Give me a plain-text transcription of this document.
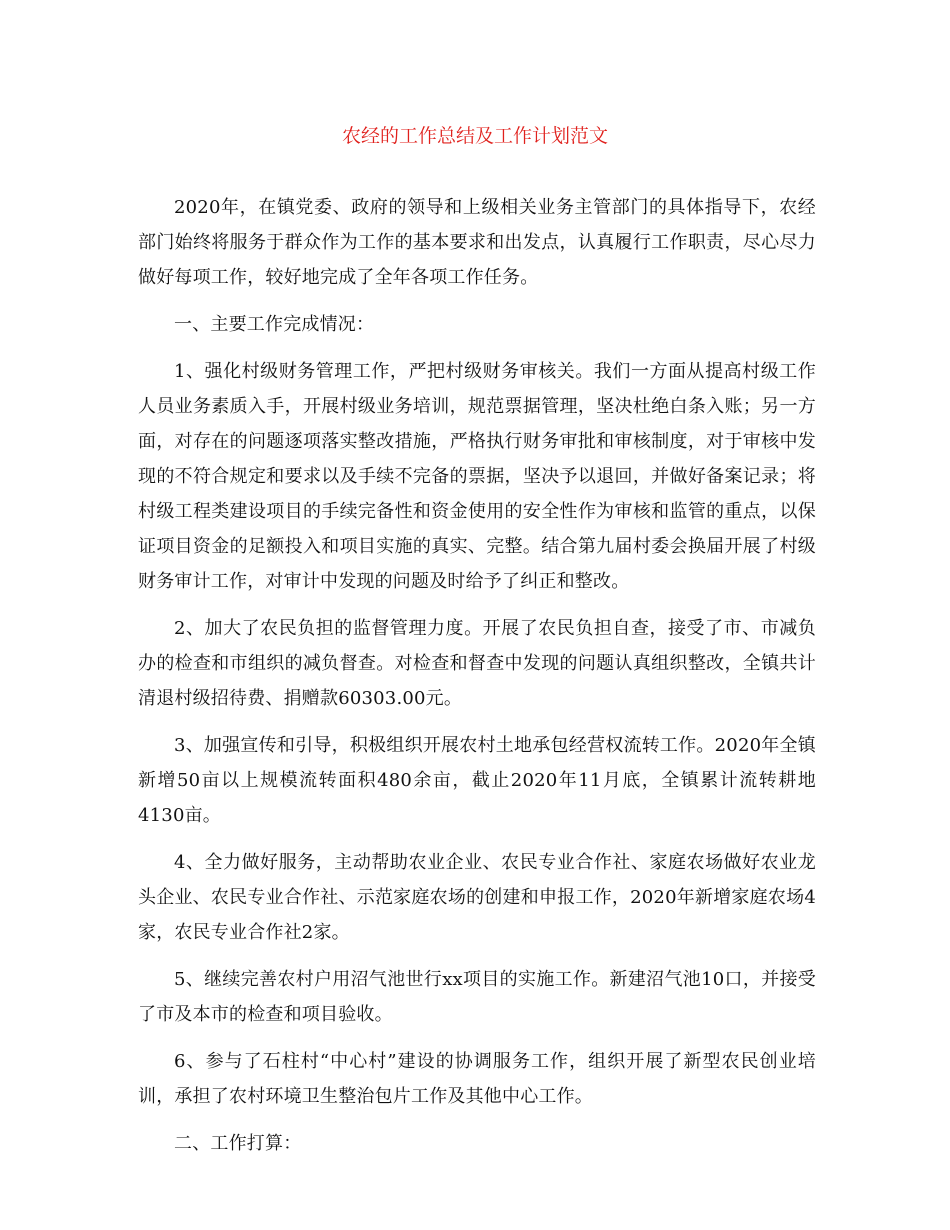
农经的工作总结及工作计划范文

2020年，在镇党委、政府的领导和上级相关业务主管部门的具体指导下，农经部门始终将服务于群众作为工作的基本要求和出发点，认真履行工作职责，尽心尽力做好每项工作，较好地完成了全年各项工作任务。

一、主要工作完成情况：

1、强化村级财务管理工作，严把村级财务审核关。我们一方面从提高村级工作人员业务素质入手，开展村级业务培训，规范票据管理，坚决杜绝白条入账；另一方面，对存在的问题逐项落实整改措施，严格执行财务审批和审核制度，对于审核中发现的不符合规定和要求以及手续不完备的票据，坚决予以退回，并做好备案记录；将村级工程类建设项目的手续完备性和资金使用的安全性作为审核和监管的重点，以保证项目资金的足额投入和项目实施的真实、完整。结合第九届村委会换届开展了村级财务审计工作，对审计中发现的问题及时给予了纠正和整改。

2、加大了农民负担的监督管理力度。开展了农民负担自查，接受了市、市减负办的检查和市组织的减负督查。对检查和督查中发现的问题认真组织整改，全镇共计清退村级招待费、捐赠款60303.00元。

3、加强宣传和引导，积极组织开展农村土地承包经营权流转工作。2020年全镇新增50亩以上规模流转面积480余亩，截止2020年11月底，全镇累计流转耕地4130亩。

4、全力做好服务，主动帮助农业企业、农民专业合作社、家庭农场做好农业龙头企业、农民专业合作社、示范家庭农场的创建和申报工作，2020年新增家庭农场4家，农民专业合作社2家。

5、继续完善农村户用沼气池世行xx项目的实施工作。新建沼气池10口，并接受了市及本市的检查和项目验收。

6、参与了石柱村“中心村”建设的协调服务工作，组织开展了新型农民创业培训，承担了农村环境卫生整治包片工作及其他中心工作。

二、工作打算：
